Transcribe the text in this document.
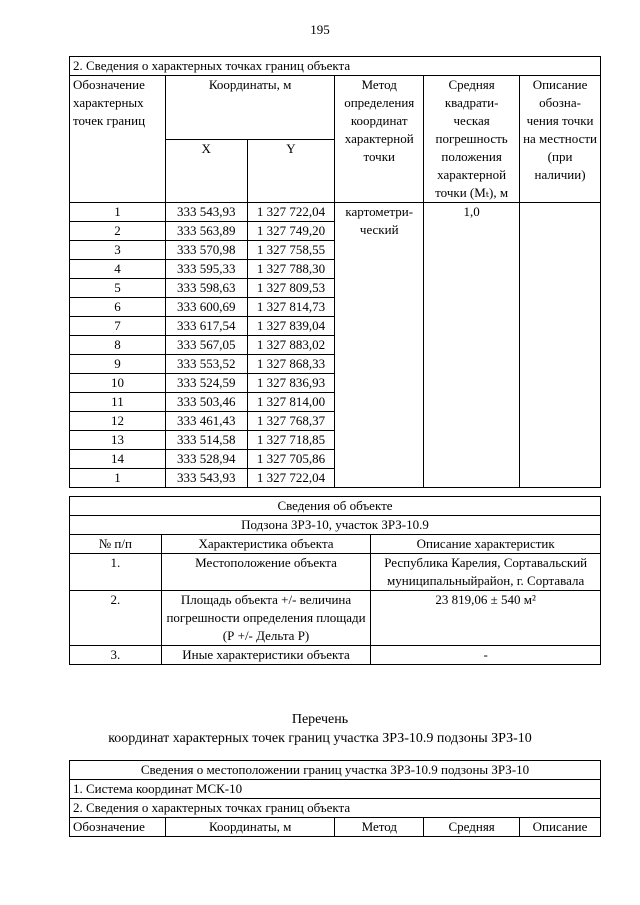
195
2. Сведения о характерных точках границ объекта					
Обозначение характерных точек границ	Координаты, м		Метод определения координат характерной точки	Средняя квадрати-ческая погрешность положения характерной точки (Mₜ), м	Описание обозна-чения точки на местности (при наличии)
	X	Y			
1	333 543,93	1 327 722,04	картометри-ческий	1,0	
2	333 563,89	1 327 749,20			
3	333 570,98	1 327 758,55			
4	333 595,33	1 327 788,30			
5	333 598,63	1 327 809,53			
6	333 600,69	1 327 814,73			
7	333 617,54	1 327 839,04			
8	333 567,05	1 327 883,02			
9	333 553,52	1 327 868,33			
10	333 524,59	1 327 836,93			
11	333 503,46	1 327 814,00			
12	333 461,43	1 327 768,37			
13	333 514,58	1 327 718,85			
14	333 528,94	1 327 705,86			
1	333 543,93	1 327 722,04			
Сведения об объекте		
Подзона ЗРЗ-10, участок ЗРЗ-10.9		
№ п/п	Характеристика объекта	Описание характеристик
1.	Местоположение объекта	Республика Карелия, Сортавальский муниципальныйрайон, г. Сортавала
2.	Площадь объекта +/- величина погрешности определения площади (Р +/- Дельта Р)	23 819,06 ± 540 м²
3.	Иные характеристики объекта	-
Перечень
координат характерных точек границ участка ЗРЗ-10.9 подзоны ЗРЗ-10
Сведения о местоположении границ участка ЗРЗ-10.9 подзоны ЗРЗ-10
1. Система координат МСК-10
2. Сведения о характерных точках границ объекта
Обозначение	Координаты, м	Метод	Средняя	Описание
